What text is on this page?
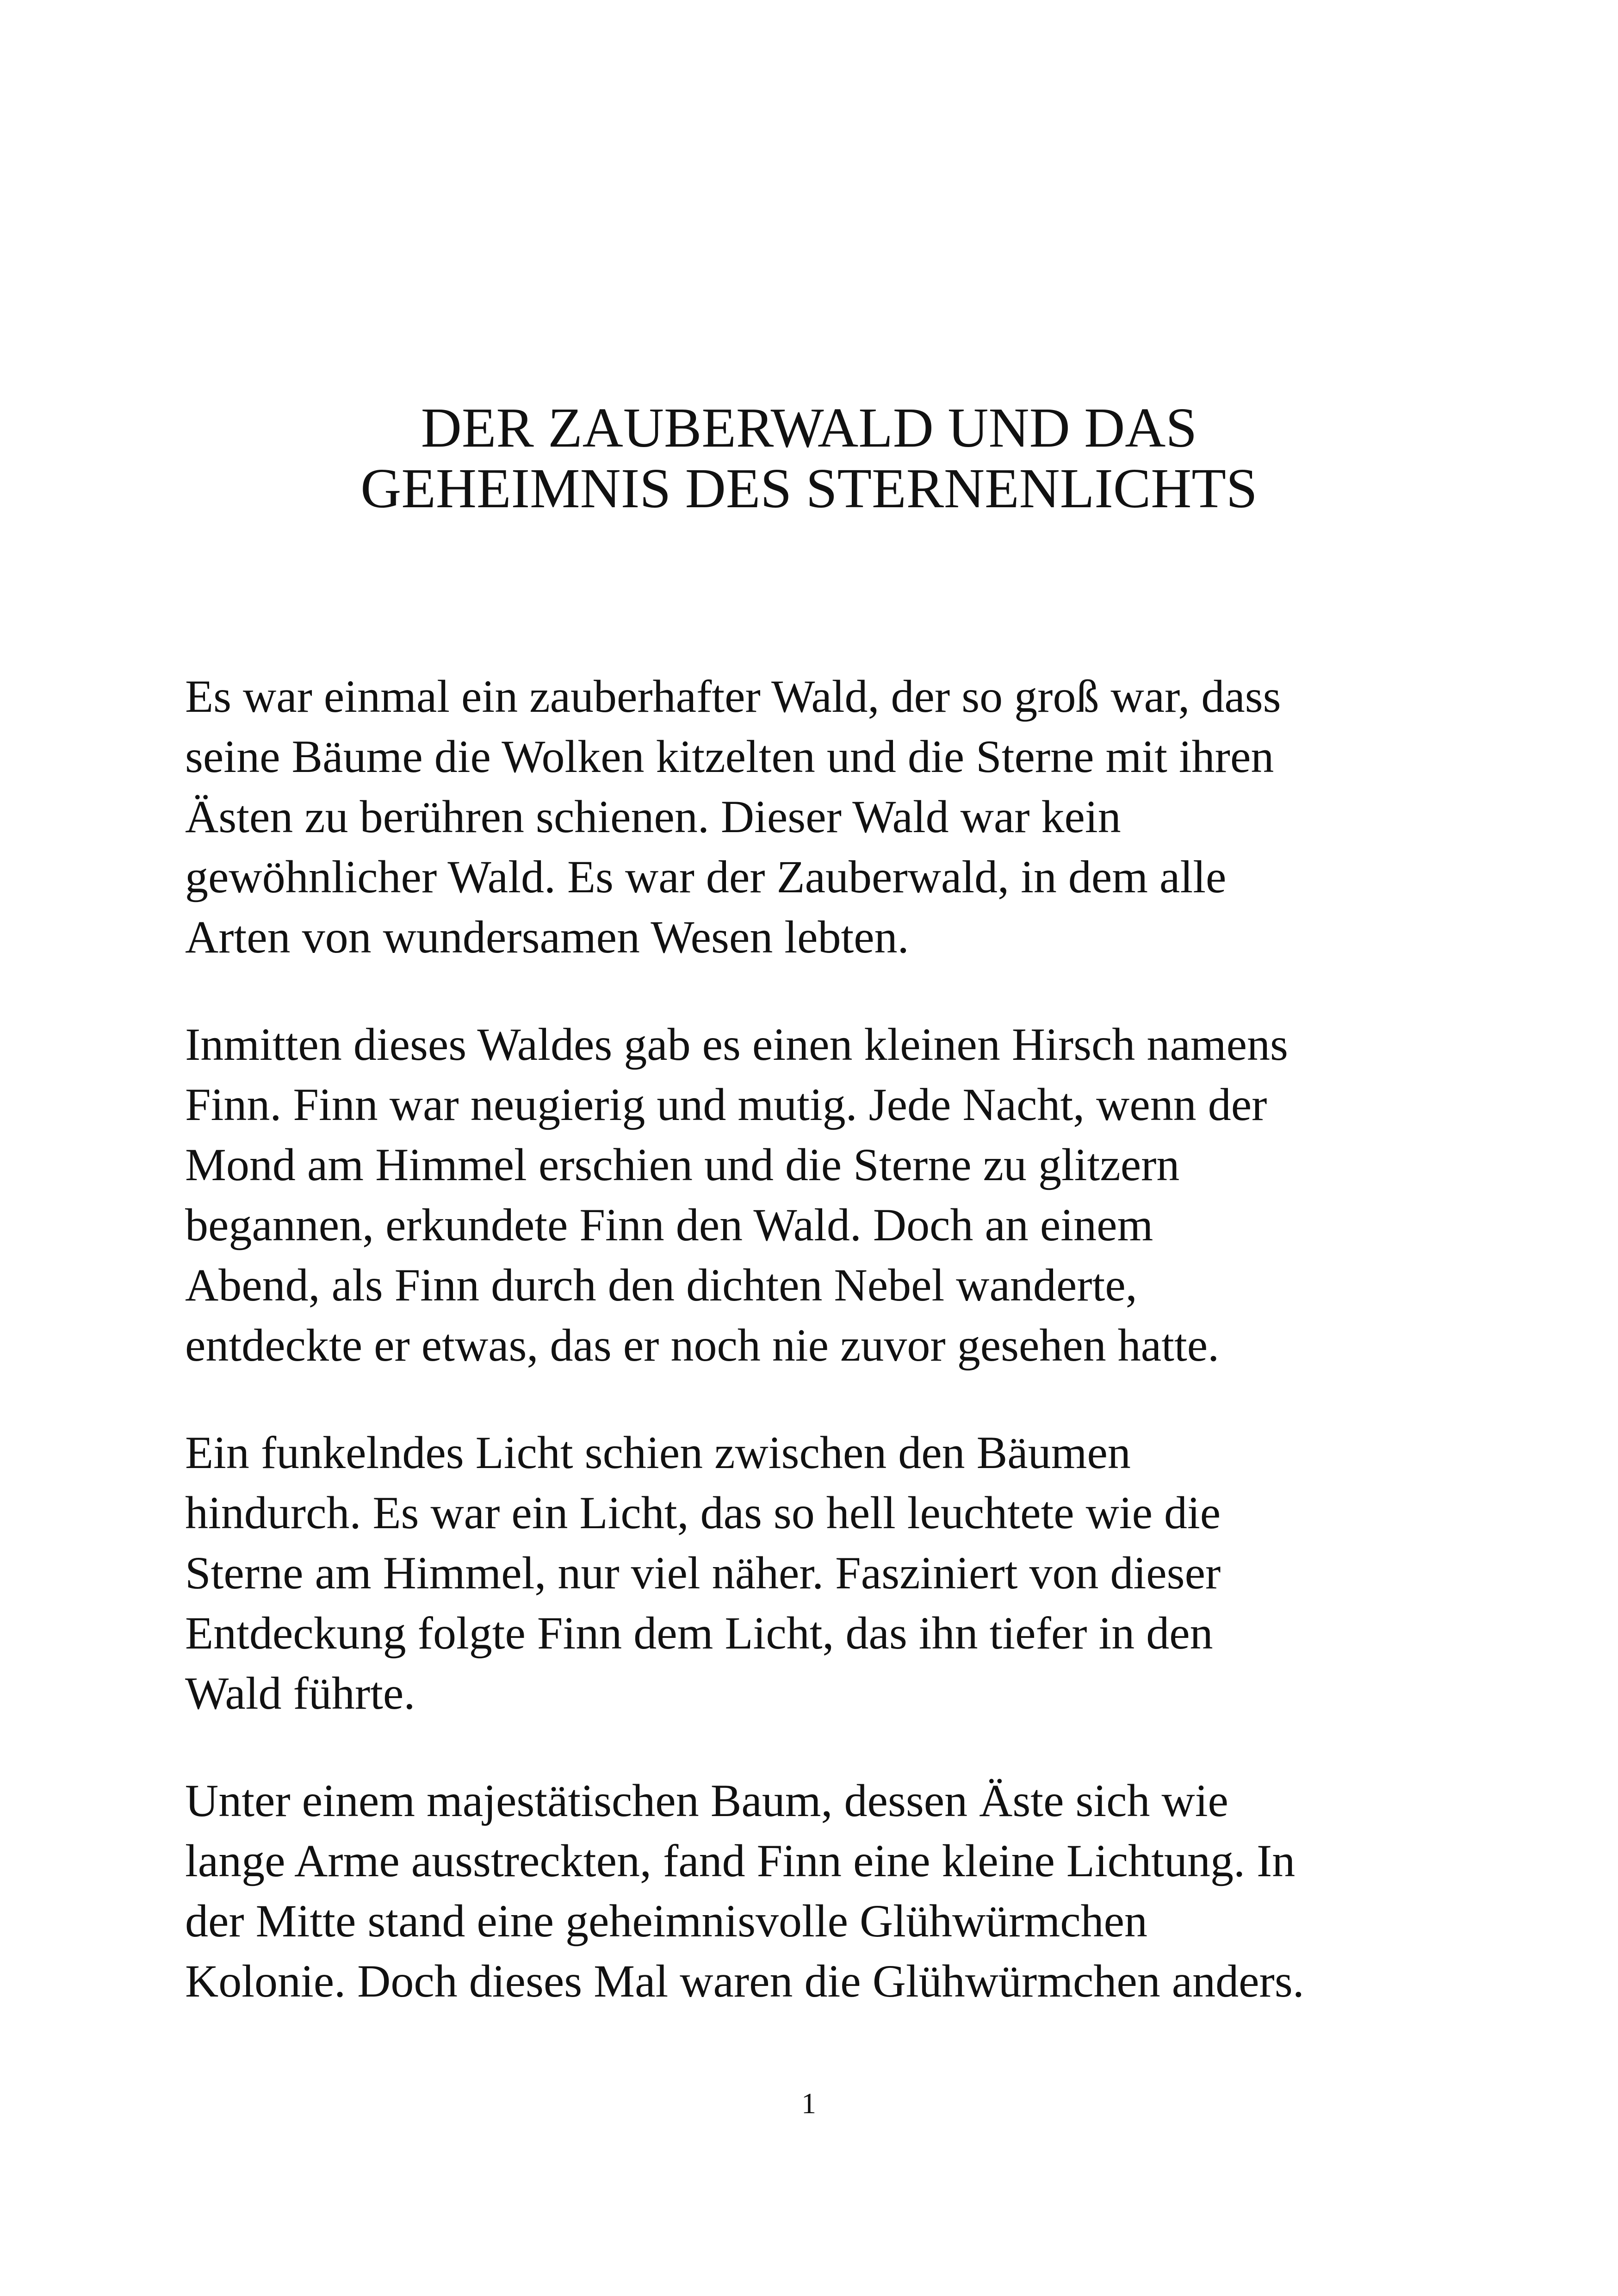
DER ZAUBERWALD UND DAS
GEHEIMNIS DES STERNENLICHTS

Es war einmal ein zauberhafter Wald, der so groß war, dass
seine Bäume die Wolken kitzelten und die Sterne mit ihren
Ästen zu berühren schienen. Dieser Wald war kein
gewöhnlicher Wald. Es war der Zauberwald, in dem alle
Arten von wundersamen Wesen lebten.

Inmitten dieses Waldes gab es einen kleinen Hirsch namens
Finn. Finn war neugierig und mutig. Jede Nacht, wenn der
Mond am Himmel erschien und die Sterne zu glitzern
begannen, erkundete Finn den Wald. Doch an einem
Abend, als Finn durch den dichten Nebel wanderte,
entdeckte er etwas, das er noch nie zuvor gesehen hatte.

Ein funkelndes Licht schien zwischen den Bäumen
hindurch. Es war ein Licht, das so hell leuchtete wie die
Sterne am Himmel, nur viel näher. Fasziniert von dieser
Entdeckung folgte Finn dem Licht, das ihn tiefer in den
Wald führte.

Unter einem majestätischen Baum, dessen Äste sich wie
lange Arme ausstreckten, fand Finn eine kleine Lichtung. In
der Mitte stand eine geheimnisvolle Glühwürmchen
Kolonie. Doch dieses Mal waren die Glühwürmchen anders.

1
